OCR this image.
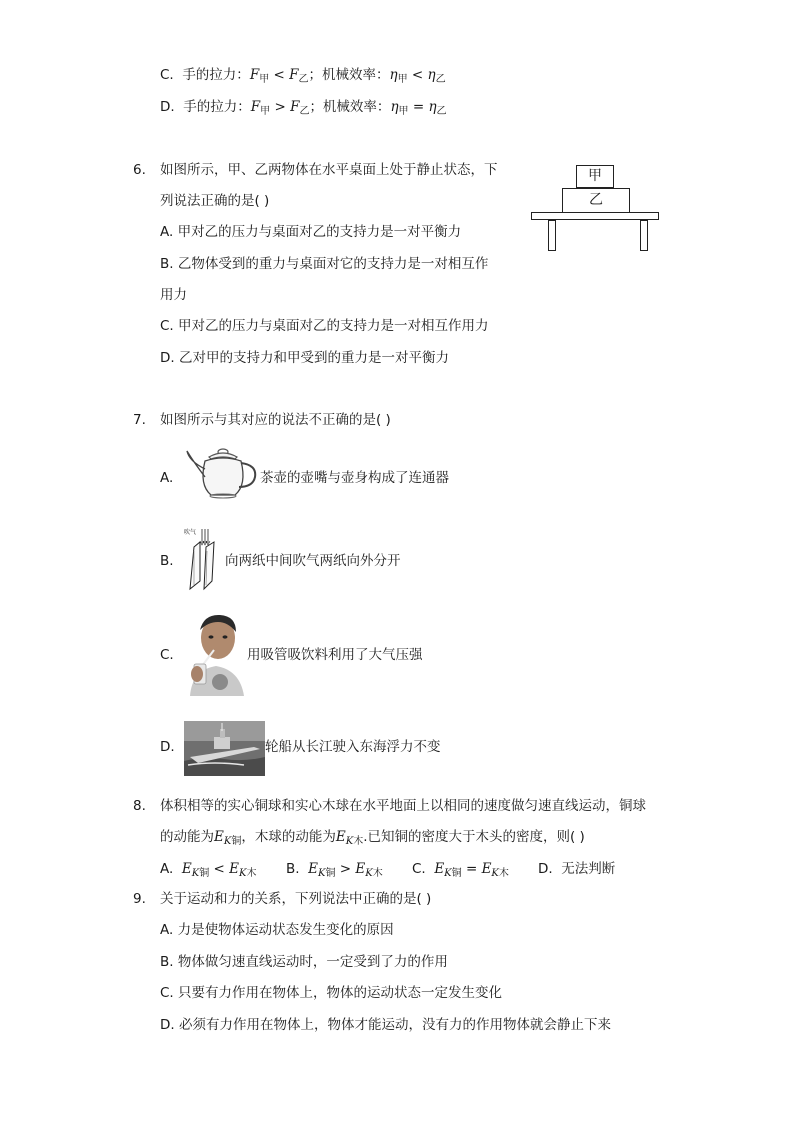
C. 手的拉力：$F_甲 < F_乙$；机械效率：$\eta_甲 < \eta_乙$
D. 手的拉力：$F_甲 > F_乙$；机械效率：$\eta_甲 = \eta_乙$
6. 如图所示，甲、乙两物体在水平桌面上处于静止状态，下
列说法正确的是( )
A. 甲对乙的压力与桌面对乙的支持力是一对平衡力
B. 乙物体受到的重力与桌面对它的支持力是一对相互作
用力
C. 甲对乙的压力与桌面对乙的支持力是一对相互作用力
D. 乙对甲的支持力和甲受到的重力是一对平衡力
甲
乙
7. 如图所示与其对应的说法不正确的是( )
A.	茶壶的壶嘴与壶身构成了连通器
B.
吹气
向两纸中间吹气两纸向外分开
C.	用吸管吸饮料利用了大气压强
D.	轮船从长江驶入东海浮力不变
8. 体积相等的实心铜球和实心木球在水平地面上以相同的速度做匀速直线运动，铜球
的动能为$E_{K铜}$，木球的动能为$E_{K木}$.已知铜的密度大于木头的密度，则( )
A. $E_{K铜} < E_{K木}$ B. $E_{K铜} > E_{K木}$ C. $E_{K铜} = E_{K木}$ D. 无法判断
9. 关于运动和力的关系，下列说法中正确的是( )
A. 力是使物体运动状态发生变化的原因
B. 物体做匀速直线运动时，一定受到了力的作用
C. 只要有力作用在物体上，物体的运动状态一定发生变化
D. 必须有力作用在物体上，物体才能运动，没有力的作用物体就会静止下来
